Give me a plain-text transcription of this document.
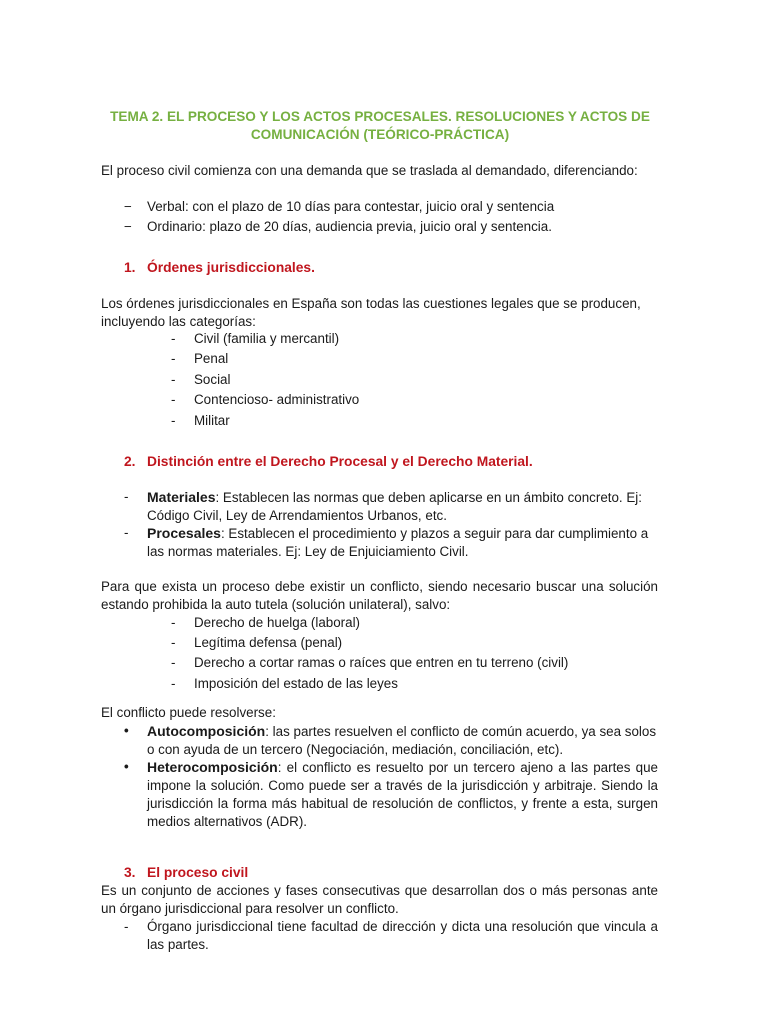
TEMA 2. EL PROCESO Y LOS ACTOS PROCESALES. RESOLUCIONES Y ACTOS DE
COMUNICACIÓN (TEÓRICO-PRÁCTICA)
El proceso civil comienza con una demanda que se traslada al demandado, diferenciando:
− Verbal: con el plazo de 10 días para contestar, juicio oral y sentencia
− Ordinario: plazo de 20 días, audiencia previa, juicio oral y sentencia.
1. Órdenes jurisdiccionales.
Los órdenes jurisdiccionales en España son todas las cuestiones legales que se producen, incluyendo las categorías:
- Civil (familia y mercantil)
- Penal
- Social
- Contencioso- administrativo
- Militar
2. Distinción entre el Derecho Procesal y el Derecho Material.
- Materiales: Establecen las normas que deben aplicarse en un ámbito concreto. Ej: Código Civil, Ley de Arrendamientos Urbanos, etc.
- Procesales: Establecen el procedimiento y plazos a seguir para dar cumplimiento a las normas materiales. Ej: Ley de Enjuiciamiento Civil.
Para que exista un proceso debe existir un conflicto, siendo necesario buscar una solución estando prohibida la auto tutela (solución unilateral), salvo:
- Derecho de huelga (laboral)
- Legítima defensa (penal)
- Derecho a cortar ramas o raíces que entren en tu terreno (civil)
- Imposición del estado de las leyes
El conflicto puede resolverse:
• Autocomposición: las partes resuelven el conflicto de común acuerdo, ya sea solos o con ayuda de un tercero (Negociación, mediación, conciliación, etc).
• Heterocomposición: el conflicto es resuelto por un tercero ajeno a las partes que impone la solución. Como puede ser a través de la jurisdicción y arbitraje. Siendo la jurisdicción la forma más habitual de resolución de conflictos, y frente a esta, surgen medios alternativos (ADR).
3. El proceso civil
Es un conjunto de acciones y fases consecutivas que desarrollan dos o más personas ante un órgano jurisdiccional para resolver un conflicto.
- Órgano jurisdiccional tiene facultad de dirección y dicta una resolución que vincula a las partes.
